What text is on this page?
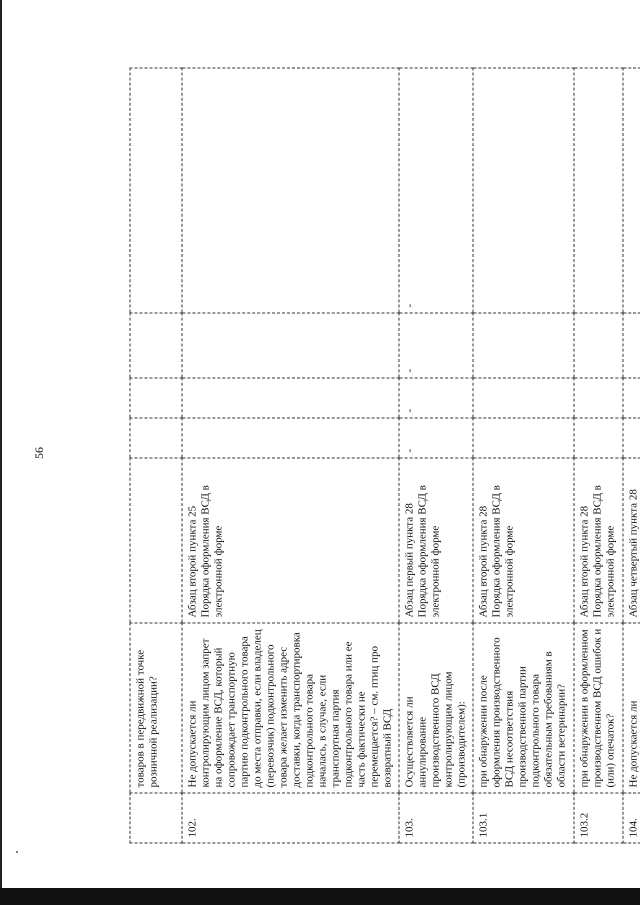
56
	товаров в передвижной точке розничной реализации?					
102.	Не допускается ли контролирующим лицом запрет на оформление ВСД, который сопровождает транспортную партию подконтрольного товара до места отправки, если владелец (перевозчик) подконтрольного товара желает изменить адрес доставки, когда транспортировка подконтрольного товара началась, в случае, если транспортная партия подконтрольного товара или ее часть фактически не перемещается? – см. птиц про возвратный ВСД	Абзац второй пункта 25 Порядка оформления ВСД в электронной форме				
103.	Осуществляется ли аннулирование производственного ВСД контролирующим лицом (производителем):	Абзац первый пункта 28 Порядка оформления ВСД в электронной форме	-	-	-	-
103.1	при обнаружении после оформления производственного ВСД несоответствия производственной партии подконтрольного товара обязательным требованиям в области ветеринарии?	Абзац второй пункта 28 Порядка оформления ВСД в электронной форме				
103.2	при обнаружении в оформленном производственном ВСД ошибок и (или) опечаток?	Абзац второй пункта 28 Порядка оформления ВСД в электронной форме				
104.	Не допускается ли	Абзац четвертый пункта 28				
